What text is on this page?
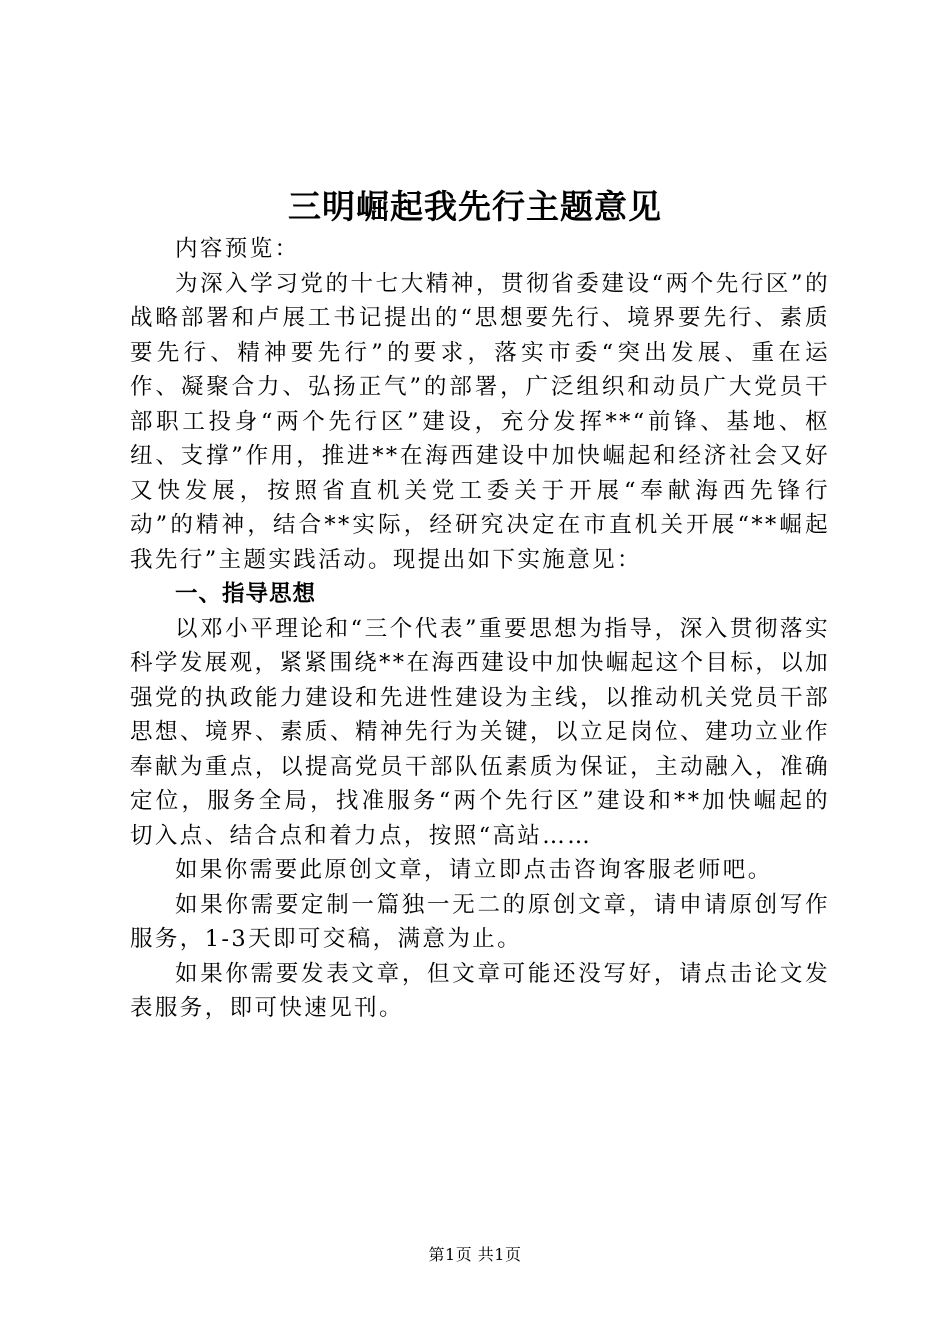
三明崛起我先行主题意见

内容预览：

为深入学习党的十七大精神，贯彻省委建设“两个先行区”的战略部署和卢展工书记提出的“思想要先行、境界要先行、素质要先行、精神要先行”的要求，落实市委“突出发展、重在运作、凝聚合力、弘扬正气”的部署，广泛组织和动员广大党员干部职工投身“两个先行区”建设，充分发挥**“前锋、基地、枢纽、支撑”作用，推进**在海西建设中加快崛起和经济社会又好又快发展，按照省直机关党工委关于开展“奉献海西先锋行动”的精神，结合**实际，经研究决定在市直机关开展“**崛起我先行”主题实践活动。现提出如下实施意见：

一、指导思想

以邓小平理论和“三个代表”重要思想为指导，深入贯彻落实科学发展观，紧紧围绕**在海西建设中加快崛起这个目标，以加强党的执政能力建设和先进性建设为主线，以推动机关党员干部思想、境界、素质、精神先行为关键，以立足岗位、建功立业作奉献为重点，以提高党员干部队伍素质为保证，主动融入，准确定位，服务全局，找准服务“两个先行区”建设和**加快崛起的切入点、结合点和着力点，按照“高站……

如果你需要此原创文章，请立即点击咨询客服老师吧。

如果你需要定制一篇独一无二的原创文章，请申请原创写作服务，1-3天即可交稿，满意为止。

如果你需要发表文章，但文章可能还没写好，请点击论文发表服务，即可快速见刊。

第1页 共1页
